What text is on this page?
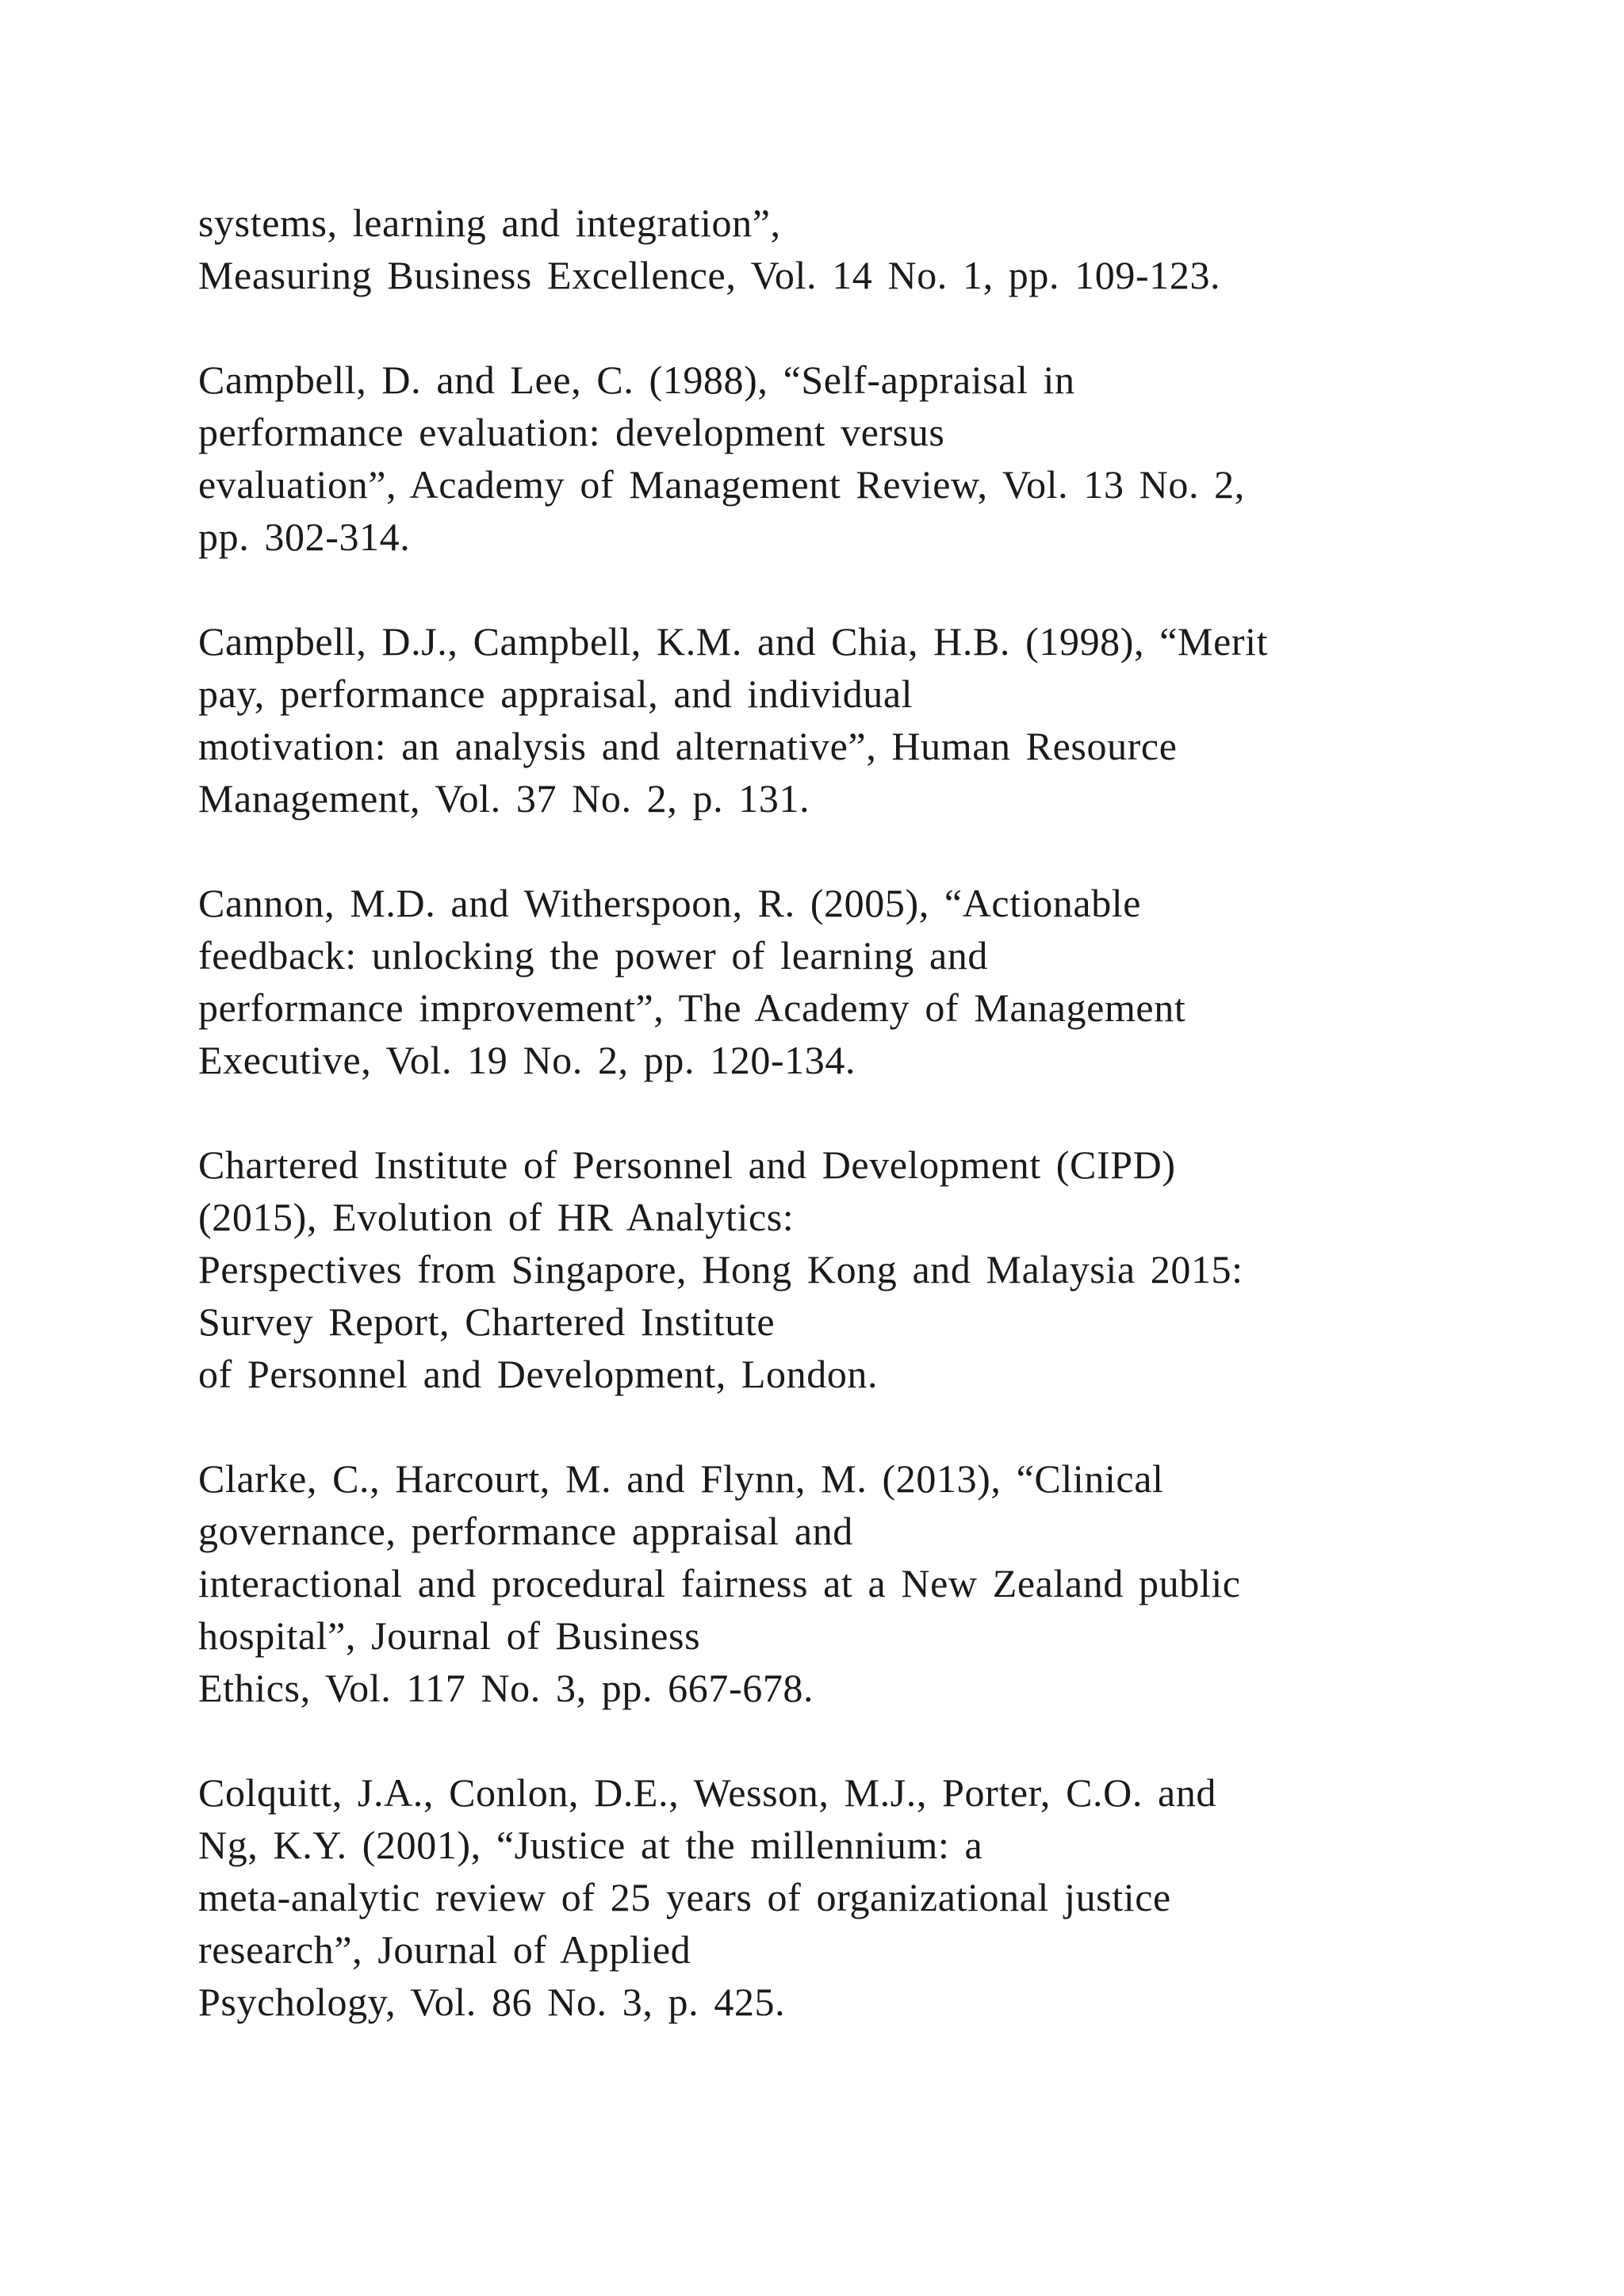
systems, learning and integration”,
Measuring Business Excellence, Vol. 14 No. 1, pp. 109-123.
Campbell, D. and Lee, C. (1988), “Self-appraisal in
performance evaluation: development versus
evaluation”, Academy of Management Review, Vol. 13 No. 2,
pp. 302-314.
Campbell, D.J., Campbell, K.M. and Chia, H.B. (1998), “Merit
pay, performance appraisal, and individual
motivation: an analysis and alternative”, Human Resource
Management, Vol. 37 No. 2, p. 131.
Cannon, M.D. and Witherspoon, R. (2005), “Actionable
feedback: unlocking the power of learning and
performance improvement”, The Academy of Management
Executive, Vol. 19 No. 2, pp. 120-134.
Chartered Institute of Personnel and Development (CIPD)
(2015), Evolution of HR Analytics:
Perspectives from Singapore, Hong Kong and Malaysia 2015:
Survey Report, Chartered Institute
of Personnel and Development, London.
Clarke, C., Harcourt, M. and Flynn, M. (2013), “Clinical
governance, performance appraisal and
interactional and procedural fairness at a New Zealand public
hospital”, Journal of Business
Ethics, Vol. 117 No. 3, pp. 667-678.
Colquitt, J.A., Conlon, D.E., Wesson, M.J., Porter, C.O. and
Ng, K.Y. (2001), “Justice at the millennium: a
meta-analytic review of 25 years of organizational justice
research”, Journal of Applied
Psychology, Vol. 86 No. 3, p. 425.
